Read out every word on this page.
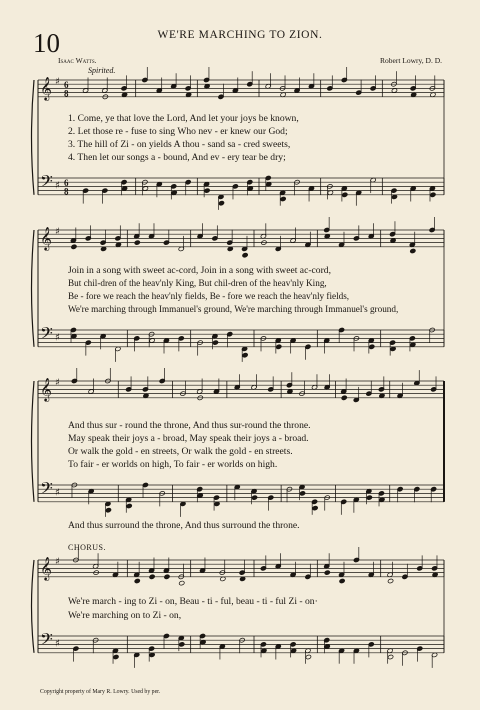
10	WE'RE MARCHING TO ZION.
Isaac Watts.	Robert Lowry, D. D.
Spirited.
𝄞
𝄢
♯
♯
6
8
6
8
𝄞
𝄢
♯
♯
𝄞
𝄢
♯
♯
𝄞
𝄢
♯
♯
1. Come, ye that love the Lord, And let your joys be known,
2. Let those re - fuse to sing Who nev - er knew our God;
3. The hill of Zi - on yields A thou - sand sa - cred sweets,
4. Then let our songs a - bound, And ev - ery tear be dry;
Join in a song with sweet ac-cord, Join in a song with sweet ac-cord,
But chil-dren of the heav'nly King, But chil-dren of the heav'nly King,
Be - fore we reach the heav'nly fields, Be - fore we reach the heav'nly fields,
We're marching through Immanuel's ground, We're marching through Immanuel's ground,
And thus sur - round the throne, And thus sur-round the throne.
May speak their joys a - broad, May speak their joys a - broad.
Or walk the gold - en streets, Or walk the gold - en streets.
To fair - er worlds on high, To fair - er worlds on high.
And thus surround the throne, And thus surround the throne.
CHORUS.
We're march - ing to Zi - on, Beau - ti - ful, beau - ti - ful Zi - on·
We're marching on to Zi - on,
Copyright property of Mary R. Lowry. Used by per.
